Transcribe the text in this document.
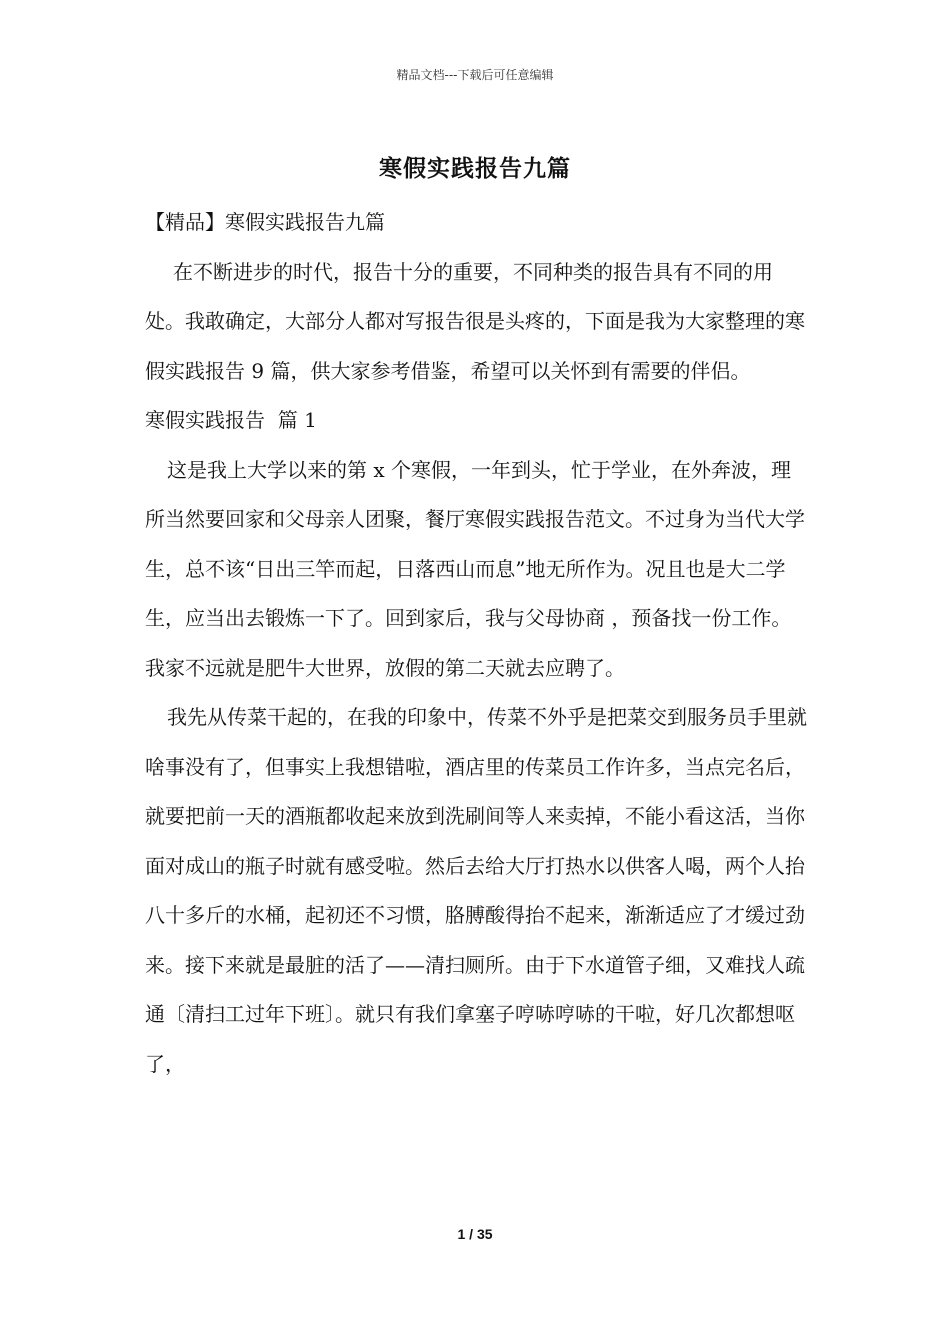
精品文档---下载后可任意编辑
寒假实践报告九篇

【精品】寒假实践报告九篇

在不断进步的时代，报告十分的重要，不同种类的报告具有不同的用处。我敢确定，大部分人都对写报告很是头疼的，下面是我为大家整理的寒假实践报告 9 篇，供大家参考借鉴，希望可以关怀到有需要的伴侣。

寒假实践报告  篇 1

这是我上大学以来的第 x 个寒假，一年到头，忙于学业，在外奔波，理所当然要回家和父母亲人团聚，餐厅寒假实践报告范文。不过身为当代大学生，总不该“日出三竿而起，日落西山而息”地无所作为。况且也是大二学生，应当出去锻炼一下了。回到家后，我与父母协商 ，预备找一份工作。我家不远就是肥牛大世界，放假的第二天就去应聘了。

我先从传菜干起的，在我的印象中，传菜不外乎是把菜交到服务员手里就啥事没有了，但事实上我想错啦，酒店里的传菜员工作许多，当点完名后，就要把前一天的酒瓶都收起来放到洗刷间等人来卖掉，不能小看这活，当你面对成山的瓶子时就有感受啦。然后去给大厅打热水以供客人喝，两个人抬八十多斤的水桶，起初还不习惯，胳膊酸得抬不起来，渐渐适应了才缓过劲来。接下来就是最脏的活了——清扫厕所。由于下水道管子细，又难找人疏通〔清扫工过年下班〕。就只有我们拿塞子哼哧哼哧的干啦，好几次都想呕了，

1 / 35
